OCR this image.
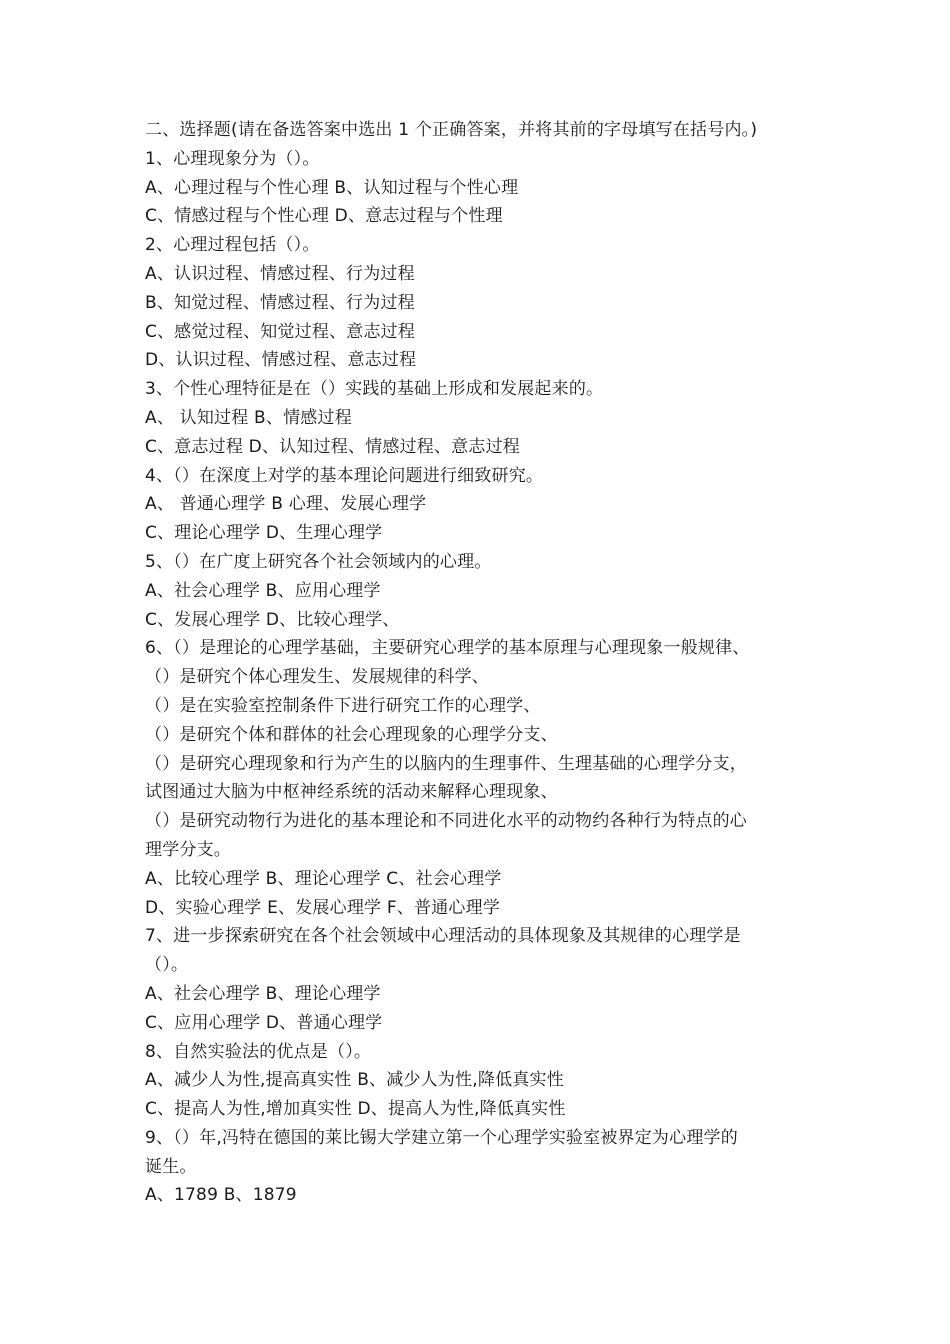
二、选择题(请在备选答案中选出 1 个正确答案，并将其前的字母填写在括号内。)
1、心理现象分为（）。
A、心理过程与个性心理 B、认知过程与个性心理
C、情感过程与个性心理 D、意志过程与个性理
2、心理过程包括（）。
A、认识过程、情感过程、行为过程
B、知觉过程、情感过程、行为过程
C、感觉过程、知觉过程、意志过程
D、认识过程、情感过程、意志过程
3、个性心理特征是在（）实践的基础上形成和发展起来的。
A、 认知过程 B、情感过程
C、意志过程 D、认知过程、情感过程、意志过程
4、（）在深度上对学的基本理论问题进行细致研究。
A、 普通心理学 B 心理、发展心理学
C、理论心理学 D、生理心理学
5、（）在广度上研究各个社会领域内的心理。
A、社会心理学 B、应用心理学
C、发展心理学 D、比较心理学、
6、（）是理论的心理学基础，主要研究心理学的基本原理与心理现象一般规律、
（）是研究个体心理发生、发展规律的科学、
（）是在实验室控制条件下进行研究工作的心理学、
（）是研究个体和群体的社会心理现象的心理学分支、
（）是研究心理现象和行为产生的以脑内的生理事件、生理基础的心理学分支，
试图通过大脑为中枢神经系统的活动来解释心理现象、
（）是研究动物行为进化的基本理论和不同进化水平的动物约各种行为特点的心
理学分支。
A、比较心理学 B、理论心理学 C、社会心理学
D、实验心理学 E、发展心理学 F、普通心理学
7、进一步探索研究在各个社会领域中心理活动的具体现象及其规律的心理学是
（）。
A、社会心理学 B、理论心理学
C、应用心理学 D、普通心理学
8、自然实验法的优点是（）。
A、减少人为性,提高真实性 B、减少人为性,降低真实性
C、提高人为性,增加真实性 D、提高人为性,降低真实性
9、（）年,冯特在德国的莱比锡大学建立第一个心理学实验室被界定为心理学的
诞生。
A、1789 B、1879
